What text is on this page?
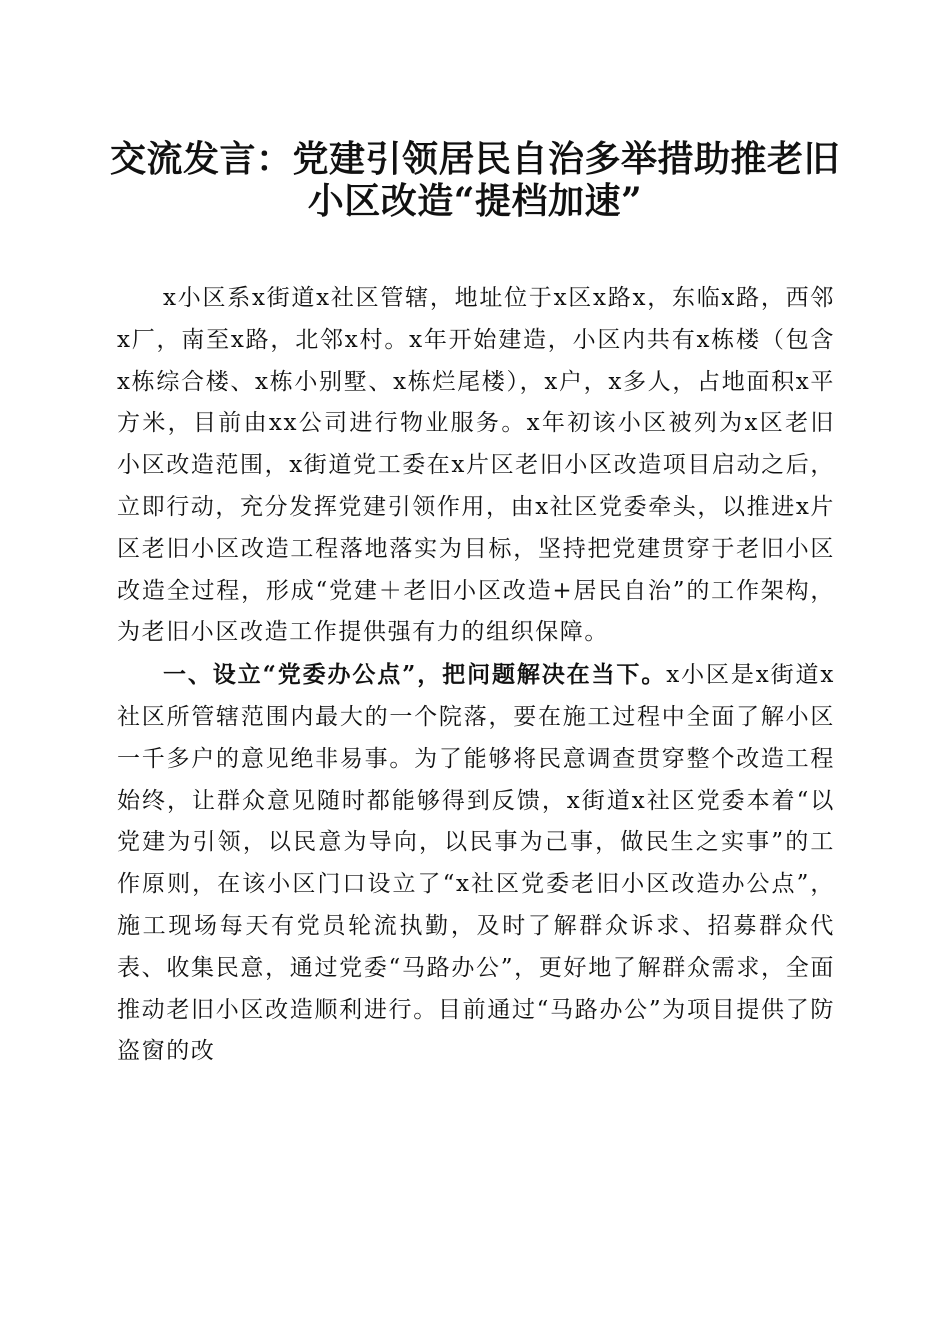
交流发言：党建引领居民自治多举措助推老旧
小区改造“提档加速”

x小区系x街道x社区管辖，地址位于x区x路x，东临x路，西邻x厂，南至x路，北邻x村。x年开始建造，小区内共有x栋楼（包含x栋综合楼、x栋小别墅、x栋烂尾楼），x户，x多人，占地面积x平方米，目前由xx公司进行物业服务。x年初该小区被列为x区老旧小区改造范围，x街道党工委在x片区老旧小区改造项目启动之后，立即行动，充分发挥党建引领作用，由x社区党委牵头，以推进x片区老旧小区改造工程落地落实为目标，坚持把党建贯穿于老旧小区改造全过程，形成“党建＋老旧小区改造+居民自治”的工作架构，为老旧小区改造工作提供强有力的组织保障。

一、设立“党委办公点”，把问题解决在当下。x小区是x街道x社区所管辖范围内最大的一个院落，要在施工过程中全面了解小区一千多户的意见绝非易事。为了能够将民意调查贯穿整个改造工程始终，让群众意见随时都能够得到反馈，x街道x社区党委本着“以党建为引领，以民意为导向，以民事为己事，做民生之实事”的工作原则，在该小区门口设立了“x社区党委老旧小区改造办公点”，施工现场每天有党员轮流执勤，及时了解群众诉求、招募群众代表、收集民意，通过党委“马路办公”，更好地了解群众需求，全面推动老旧小区改造顺利进行。目前通过“马路办公”为项目提供了防盗窗的改
